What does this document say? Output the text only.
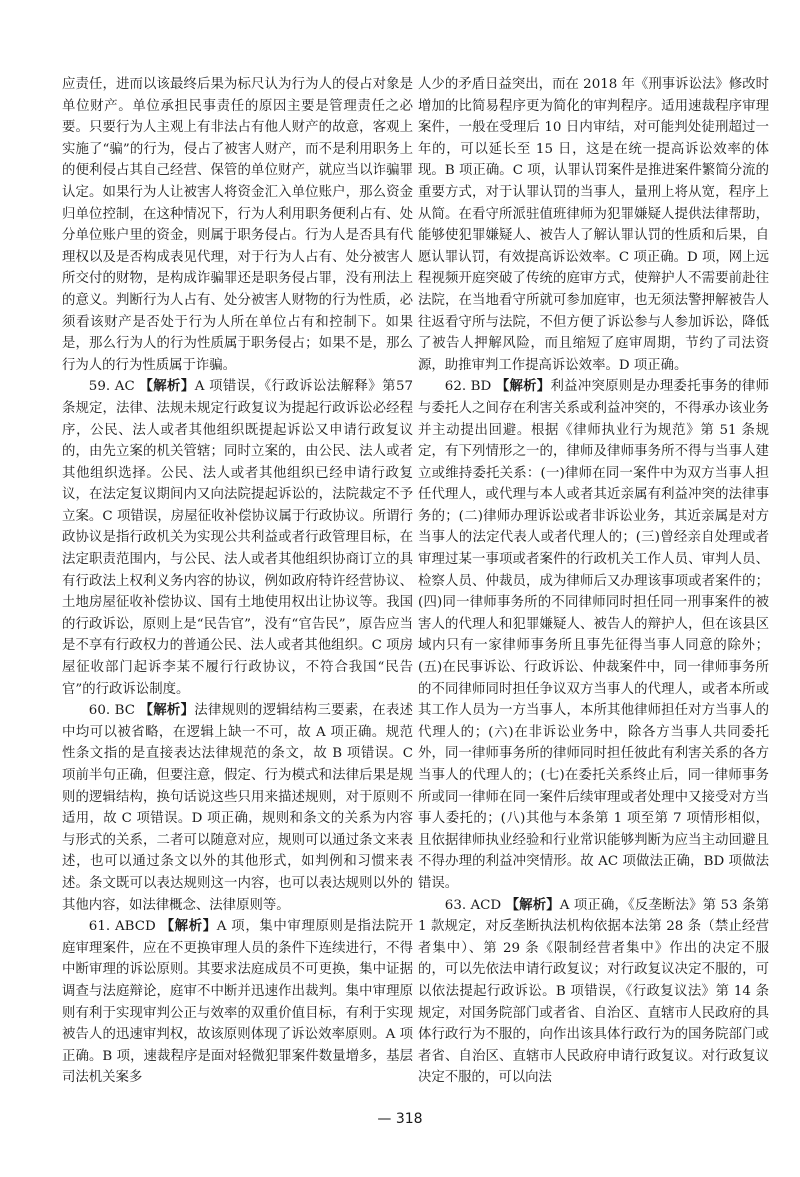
应责任，进而以该最终后果为标尺认为行为人的侵占对象是单位财产。单位承担民事责任的原因主要是管理责任之必要。只要行为人主观上有非法占有他人财产的故意，客观上实施了“骗”的行为，侵占了被害人财产，而不是利用职务上的便利侵占其自己经营、保管的单位财产，就应当以诈骗罪认定。如果行为人让被害人将资金汇入单位账户，那么资金归单位控制，在这种情况下，行为人利用职务便利占有、处分单位账户里的资金，则属于职务侵占。行为人是否具有代理权以及是否构成表见代理，对于行为人占有、处分被害人所交付的财物，是构成诈骗罪还是职务侵占罪，没有刑法上的意义。判断行为人占有、处分被害人财物的行为性质，必须看该财产是否处于行为人所在单位占有和控制下。如果是，那么行为人的行为性质属于职务侵占；如果不是，那么行为人的行为性质属于诈骗。

59. AC 【解析】A 项错误，《行政诉讼法解释》第57条规定，法律、法规未规定行政复议为提起行政诉讼必经程序，公民、法人或者其他组织既提起诉讼又申请行政复议的，由先立案的机关管辖；同时立案的，由公民、法人或者其他组织选择。公民、法人或者其他组织已经申请行政复议，在法定复议期间内又向法院提起诉讼的，法院裁定不予立案。C 项错误，房屋征收补偿协议属于行政协议。所谓行政协议是指行政机关为实现公共利益或者行政管理目标，在法定职责范围内，与公民、法人或者其他组织协商订立的具有行政法上权利义务内容的协议，例如政府特许经营协议、土地房屋征收补偿协议、国有土地使用权出让协议等。我国的行政诉讼，原则上是“民告官”，没有“官告民”，原告应当是不享有行政权力的普通公民、法人或者其他组织。C 项房屋征收部门起诉李某不履行行政协议，不符合我国“民告官”的行政诉讼制度。

60. BC 【解析】法律规则的逻辑结构三要素，在表述中均可以被省略，在逻辑上缺一不可，故 A 项正确。规范性条文指的是直接表达法律规范的条文，故 B 项错误。C 项前半句正确，但要注意，假定、行为模式和法律后果是规则的逻辑结构，换句话说这些只用来描述规则，对于原则不适用，故 C 项错误。D 项正确，规则和条文的关系为内容与形式的关系，二者可以随意对应，规则可以通过条文来表述，也可以通过条文以外的其他形式，如判例和习惯来表述。条文既可以表达规则这一内容，也可以表达规则以外的其他内容，如法律概念、法律原则等。

61. ABCD 【解析】A 项，集中审理原则是指法院开庭审理案件，应在不更换审理人员的条件下连续进行，不得中断审理的诉讼原则。其要求法庭成员不可更换，集中证据调查与法庭辩论，庭审不中断并迅速作出裁判。集中审理原则有利于实现审判公正与效率的双重价值目标，有利于实现被告人的迅速审判权，故该原则体现了诉讼效率原则。A 项正确。B 项，速裁程序是面对轻微犯罪案件数量增多，基层司法机关案多

人少的矛盾日益突出，而在 2018 年《刑事诉讼法》修改时增加的比简易程序更为简化的审判程序。适用速裁程序审理案件，一般在受理后 10 日内审结，对可能判处徒刑超过一年的，可以延长至 15 日，这是在统一提高诉讼效率的体现。B 项正确。C 项，认罪认罚案件是推进案件繁简分流的重要方式，对于认罪认罚的当事人，量刑上将从宽，程序上从简。在看守所派驻值班律师为犯罪嫌疑人提供法律帮助，能够使犯罪嫌疑人、被告人了解认罪认罚的性质和后果，自愿认罪认罚，有效提高诉讼效率。C 项正确。D 项，网上远程视频开庭突破了传统的庭审方式，使辩护人不需要前赴往法院，在当地看守所就可参加庭审，也无须法警押解被告人往返看守所与法院，不但方便了诉讼参与人参加诉讼，降低了被告人押解风险，而且缩短了庭审周期，节约了司法资源，助推审判工作提高诉讼效率。D 项正确。

62. BD 【解析】利益冲突原则是办理委托事务的律师与委托人之间存在利害关系或利益冲突的，不得承办该业务并主动提出回避。根据《律师执业行为规范》第 51 条规定，有下列情形之一的，律师及律师事务所不得与当事人建立或维持委托关系：(一)律师在同一案件中为双方当事人担任代理人，或代理与本人或者其近亲属有利益冲突的法律事务的；(二)律师办理诉讼或者非诉讼业务，其近亲属是对方当事人的法定代表人或者代理人的；(三)曾经亲自处理或者审理过某一事项或者案件的行政机关工作人员、审判人员、检察人员、仲裁员，成为律师后又办理该事项或者案件的；(四)同一律师事务所的不同律师同时担任同一刑事案件的被害人的代理人和犯罪嫌疑人、被告人的辩护人，但在该县区域内只有一家律师事务所且事先征得当事人同意的除外；(五)在民事诉讼、行政诉讼、仲裁案件中，同一律师事务所的不同律师同时担任争议双方当事人的代理人，或者本所或其工作人员为一方当事人，本所其他律师担任对方当事人的代理人的；(六)在非诉讼业务中，除各方当事人共同委托外，同一律师事务所的律师同时担任彼此有利害关系的各方当事人的代理人的；(七)在委托关系终止后，同一律师事务所或同一律师在同一案件后续审理或者处理中又接受对方当事人委托的；(八)其他与本条第 1 项至第 7 项情形相似，且依据律师执业经验和行业常识能够判断为应当主动回避且不得办理的利益冲突情形。故 AC 项做法正确，BD 项做法错误。

63. ACD 【解析】A 项正确，《反垄断法》第 53 条第 1 款规定，对反垄断执法机构依据本法第 28 条（禁止经营者集中）、第 29 条《限制经营者集中》作出的决定不服的，可以先依法申请行政复议；对行政复议决定不服的，可以依法提起行政诉讼。B 项错误，《行政复议法》第 14 条规定，对国务院部门或者省、自治区、直辖市人民政府的具体行政行为不服的，向作出该具体行政行为的国务院部门或者省、自治区、直辖市人民政府申请行政复议。对行政复议决定不服的，可以向法

— 318
